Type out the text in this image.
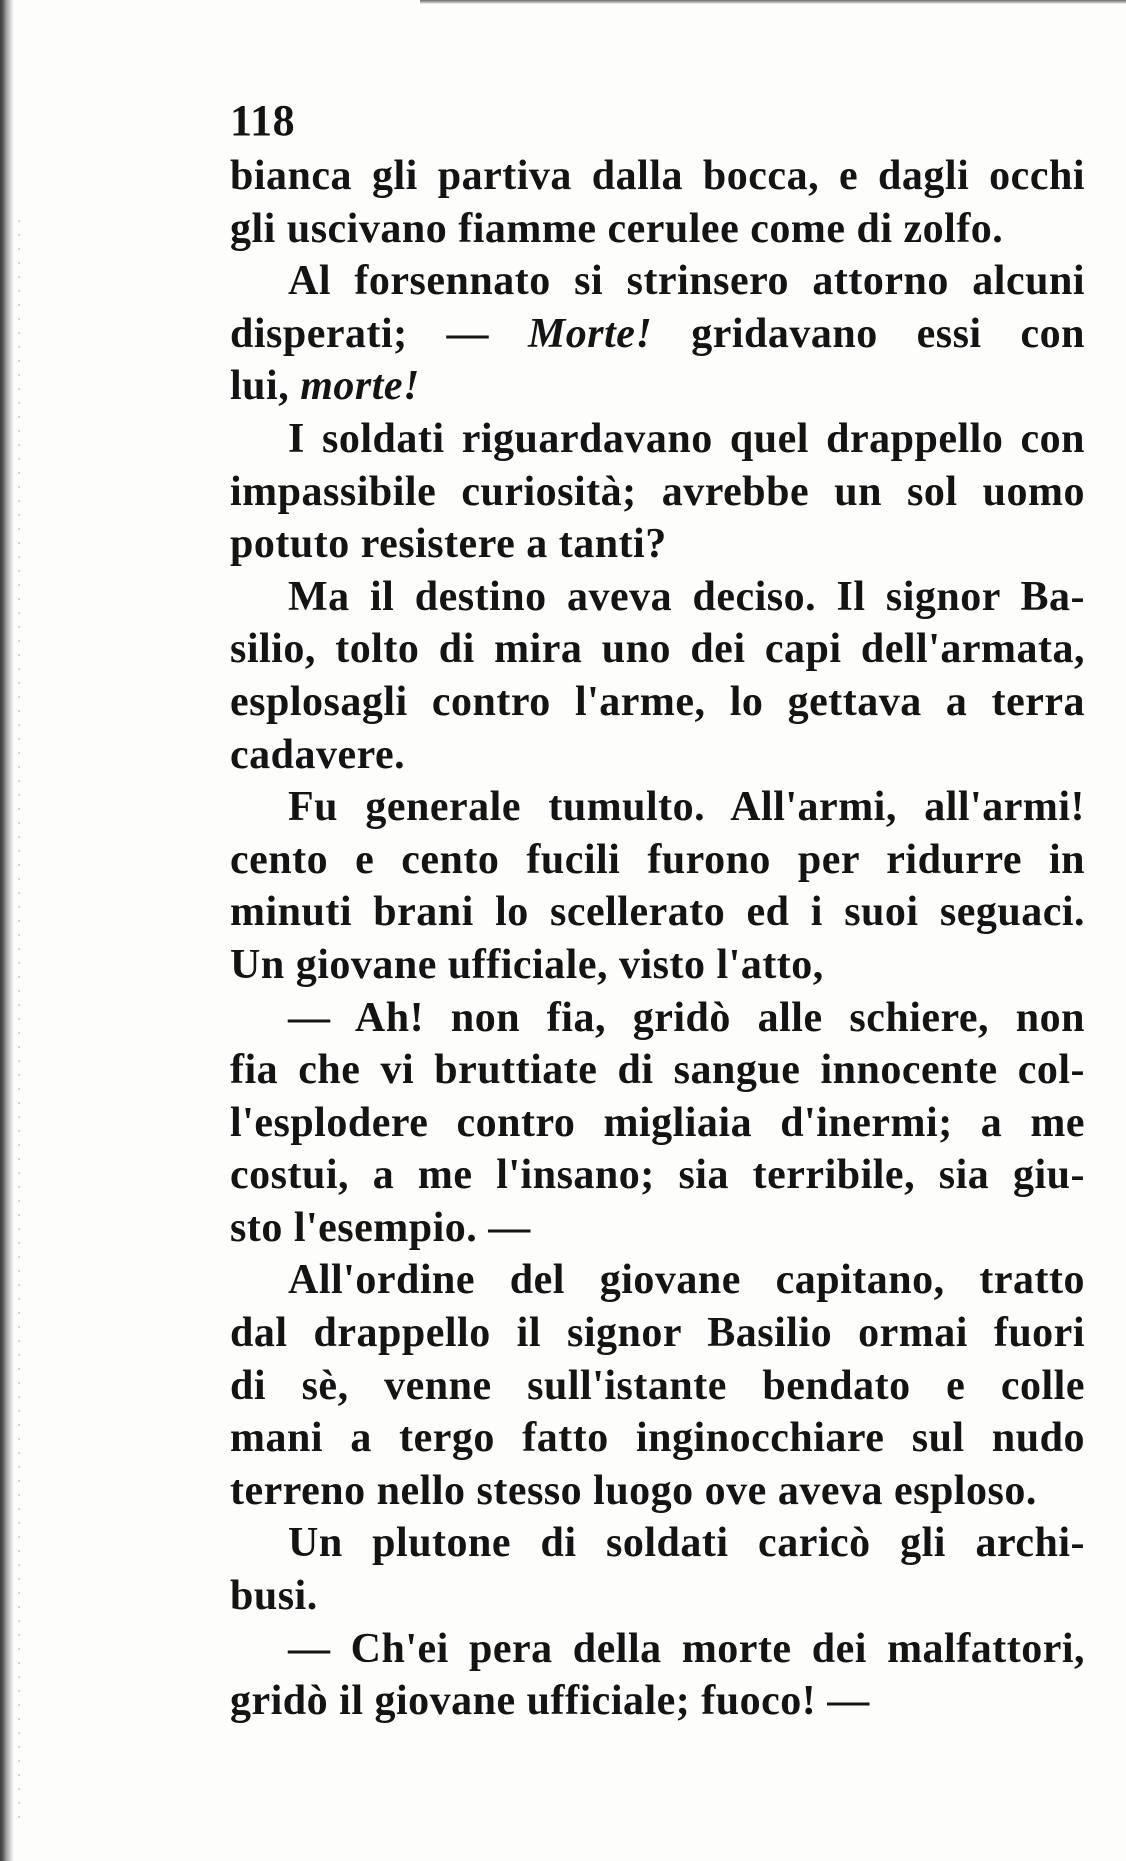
118
bianca gli partiva dalla bocca, e dagli occhi
gli uscivano fiamme cerulee come di zolfo.
Al forsennato si strinsero attorno alcuni
disperati; — Morte! gridavano essi con
lui, morte!
I soldati riguardavano quel drappello con
impassibile curiosità; avrebbe un sol uomo
potuto resistere a tanti?
Ma il destino aveva deciso. Il signor Ba-
silio, tolto di mira uno dei capi dell'armata,
esplosagli contro l'arme, lo gettava a terra
cadavere.
Fu generale tumulto. All'armi, all'armi!
cento e cento fucili furono per ridurre in
minuti brani lo scellerato ed i suoi seguaci.
Un giovane ufficiale, visto l'atto,
— Ah! non fia, gridò alle schiere, non
fia che vi bruttiate di sangue innocente col-
l'esplodere contro migliaia d'inermi; a me
costui, a me l'insano; sia terribile, sia giu-
sto l'esempio. —
All'ordine del giovane capitano, tratto
dal drappello il signor Basilio ormai fuori
di sè, venne sull'istante bendato e colle
mani a tergo fatto inginocchiare sul nudo
terreno nello stesso luogo ove aveva esploso.
Un plutone di soldati caricò gli archi-
busi.
— Ch'ei pera della morte dei malfattori,
gridò il giovane ufficiale; fuoco! —
